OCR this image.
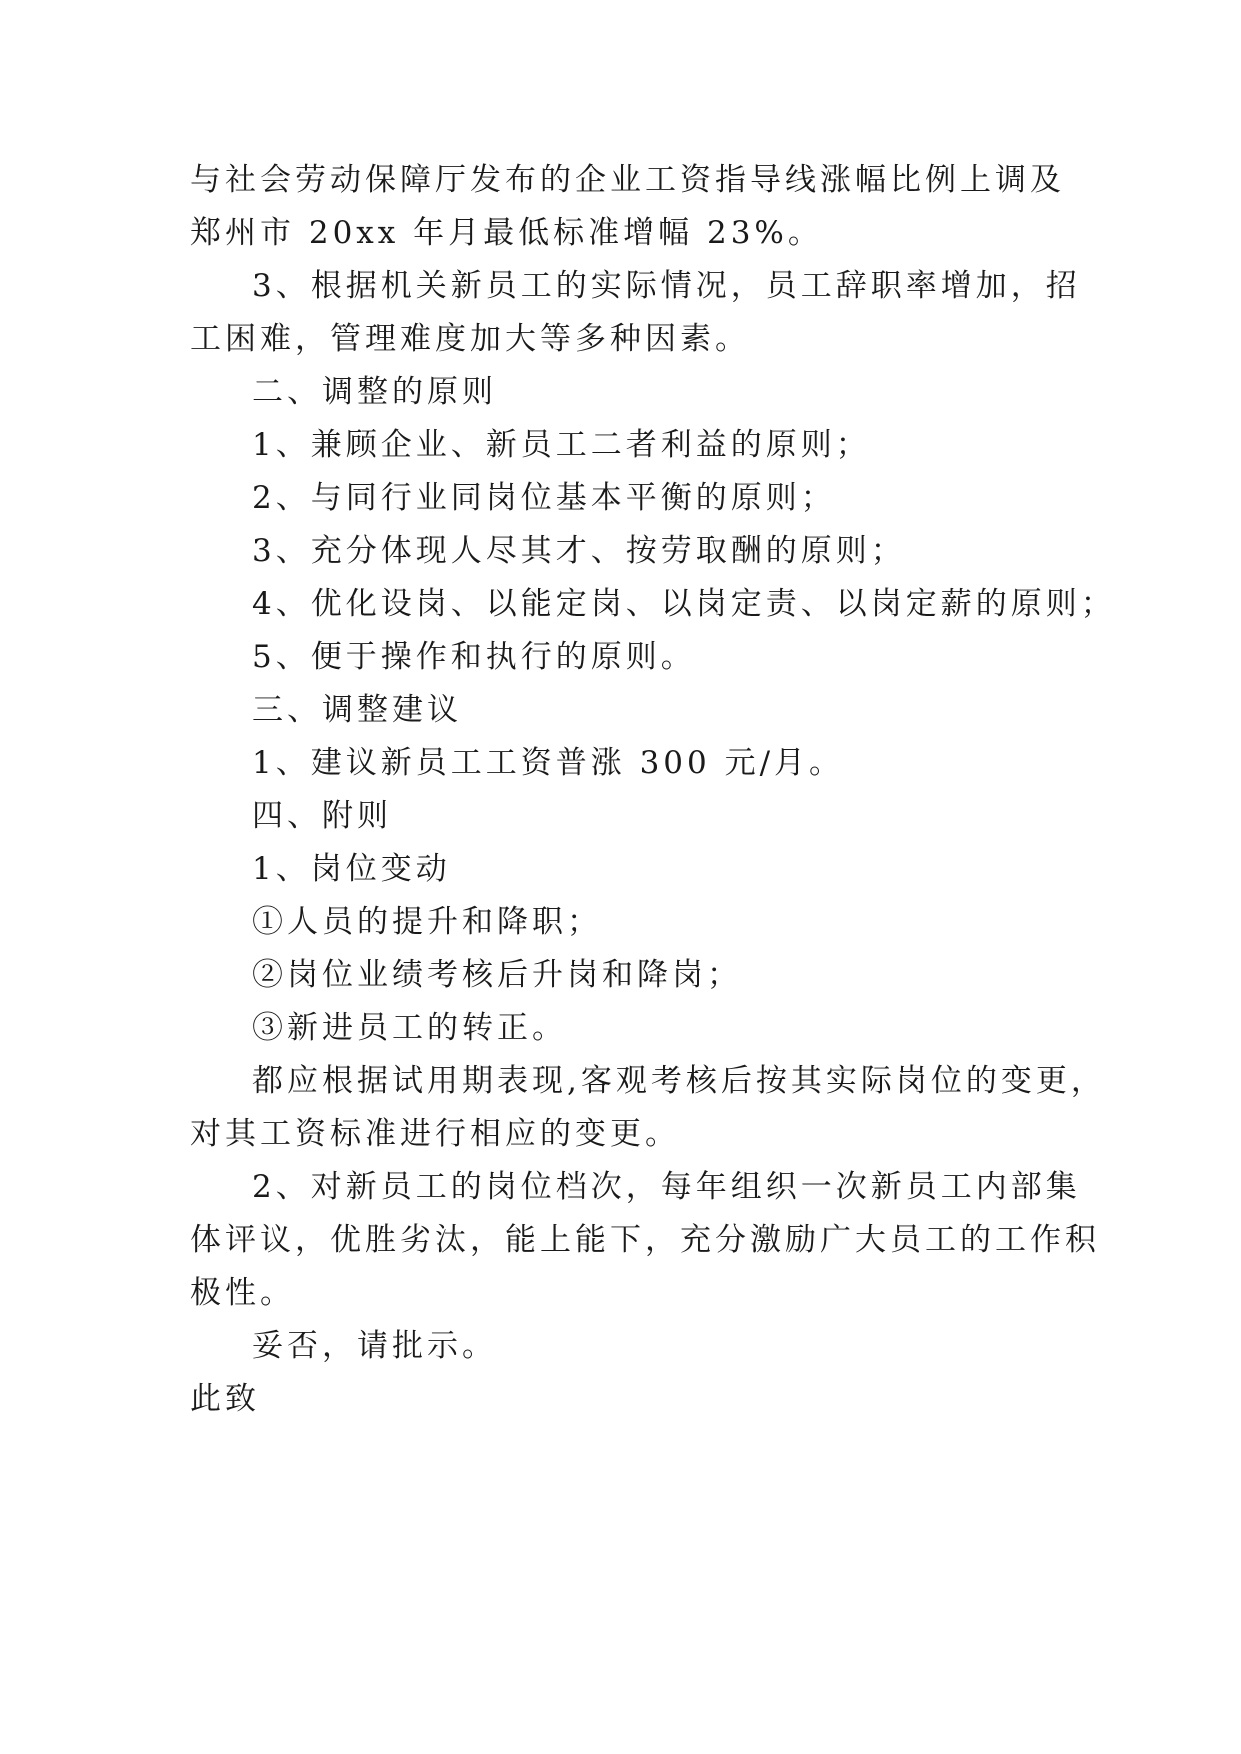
与社会劳动保障厅发布的企业工资指导线涨幅比例上调及
郑州市 20xx 年月最低标准增幅 23%。
3、根据机关新员工的实际情况，员工辞职率增加，招
工困难，管理难度加大等多种因素。
二、调整的原则
1、兼顾企业、新员工二者利益的原则；
2、与同行业同岗位基本平衡的原则；
3、充分体现人尽其才、按劳取酬的原则；
4、优化设岗、以能定岗、以岗定责、以岗定薪的原则；
5、便于操作和执行的原则。
三、调整建议
1、建议新员工工资普涨 300 元/月。
四、附则
1、岗位变动
①人员的提升和降职；
②岗位业绩考核后升岗和降岗；
③新进员工的转正。
都应根据试用期表现,客观考核后按其实际岗位的变更，
对其工资标准进行相应的变更。
2、对新员工的岗位档次，每年组织一次新员工内部集
体评议，优胜劣汰，能上能下，充分激励广大员工的工作积
极性。
妥否，请批示。
此致
